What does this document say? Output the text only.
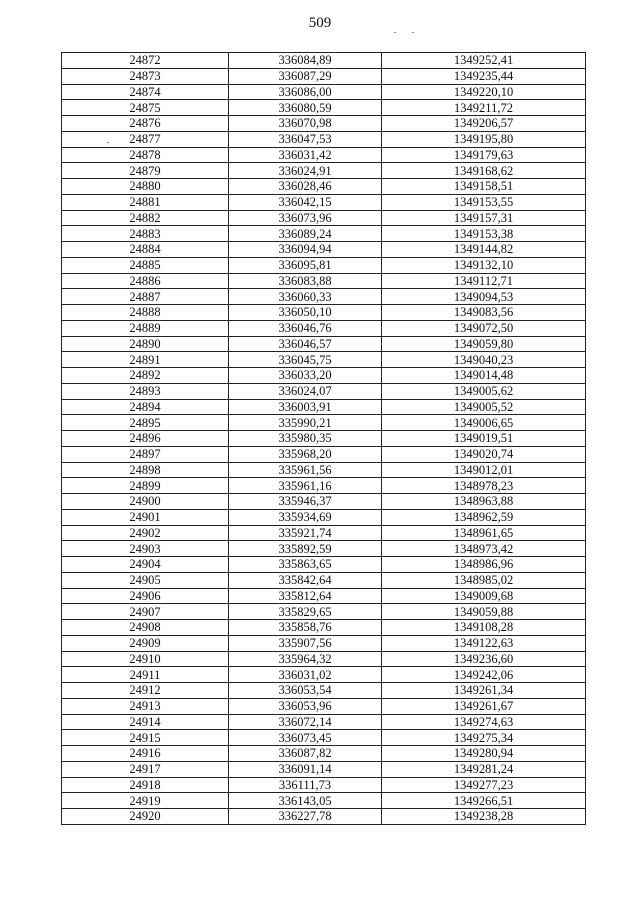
509
24872	336084,89	1349252,41
24873	336087,29	1349235,44
24874	336086,00	1349220,10
24875	336080,59	1349211,72
24876	336070,98	1349206,57
24877	336047,53	1349195,80
24878	336031,42	1349179,63
24879	336024,91	1349168,62
24880	336028,46	1349158,51
24881	336042,15	1349153,55
24882	336073,96	1349157,31
24883	336089,24	1349153,38
24884	336094,94	1349144,82
24885	336095,81	1349132,10
24886	336083,88	1349112,71
24887	336060,33	1349094,53
24888	336050,10	1349083,56
24889	336046,76	1349072,50
24890	336046,57	1349059,80
24891	336045,75	1349040,23
24892	336033,20	1349014,48
24893	336024,07	1349005,62
24894	336003,91	1349005,52
24895	335990,21	1349006,65
24896	335980,35	1349019,51
24897	335968,20	1349020,74
24898	335961,56	1349012,01
24899	335961,16	1348978,23
24900	335946,37	1348963,88
24901	335934,69	1348962,59
24902	335921,74	1348961,65
24903	335892,59	1348973,42
24904	335863,65	1348986,96
24905	335842,64	1348985,02
24906	335812,64	1349009,68
24907	335829,65	1349059,88
24908	335858,76	1349108,28
24909	335907,56	1349122,63
24910	335964,32	1349236,60
24911	336031,02	1349242,06
24912	336053,54	1349261,34
24913	336053,96	1349261,67
24914	336072,14	1349274,63
24915	336073,45	1349275,34
24916	336087,82	1349280,94
24917	336091,14	1349281,24
24918	336111,73	1349277,23
24919	336143,05	1349266,51
24920	336227,78	1349238,28
